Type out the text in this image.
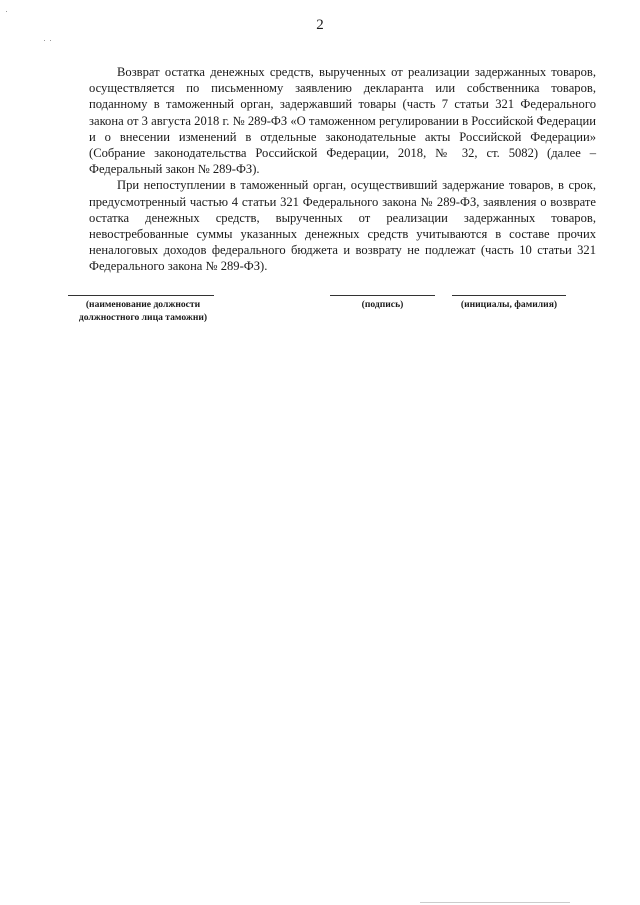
2

Возврат остатка денежных средств, вырученных от реализации задержанных товаров, осуществляется по письменному заявлению декларанта или собственника товаров, поданному в таможенный орган, задержавший товары (часть 7 статьи 321 Федерального закона от 3 августа 2018 г. № 289-ФЗ «О таможенном регулировании в Российской Федерации и о внесении изменений в отдельные законодательные акты Российской Федерации» (Собрание законодательства Российской Федерации, 2018, № 32, ст. 5082) (далее – Федеральный закон № 289-ФЗ).

При непоступлении в таможенный орган, осуществивший задержание товаров, в срок, предусмотренный частью 4 статьи 321 Федерального закона № 289-ФЗ, заявления о возврате остатка денежных средств, вырученных от реализации задержанных товаров, невостребованные суммы указанных денежных средств учитываются в составе прочих неналоговых доходов федерального бюджета и возврату не подлежат (часть 10 статьи 321 Федерального закона № 289-ФЗ).

(наименование должности должностного лица таможни)
(подпись)	(инициалы, фамилия)
